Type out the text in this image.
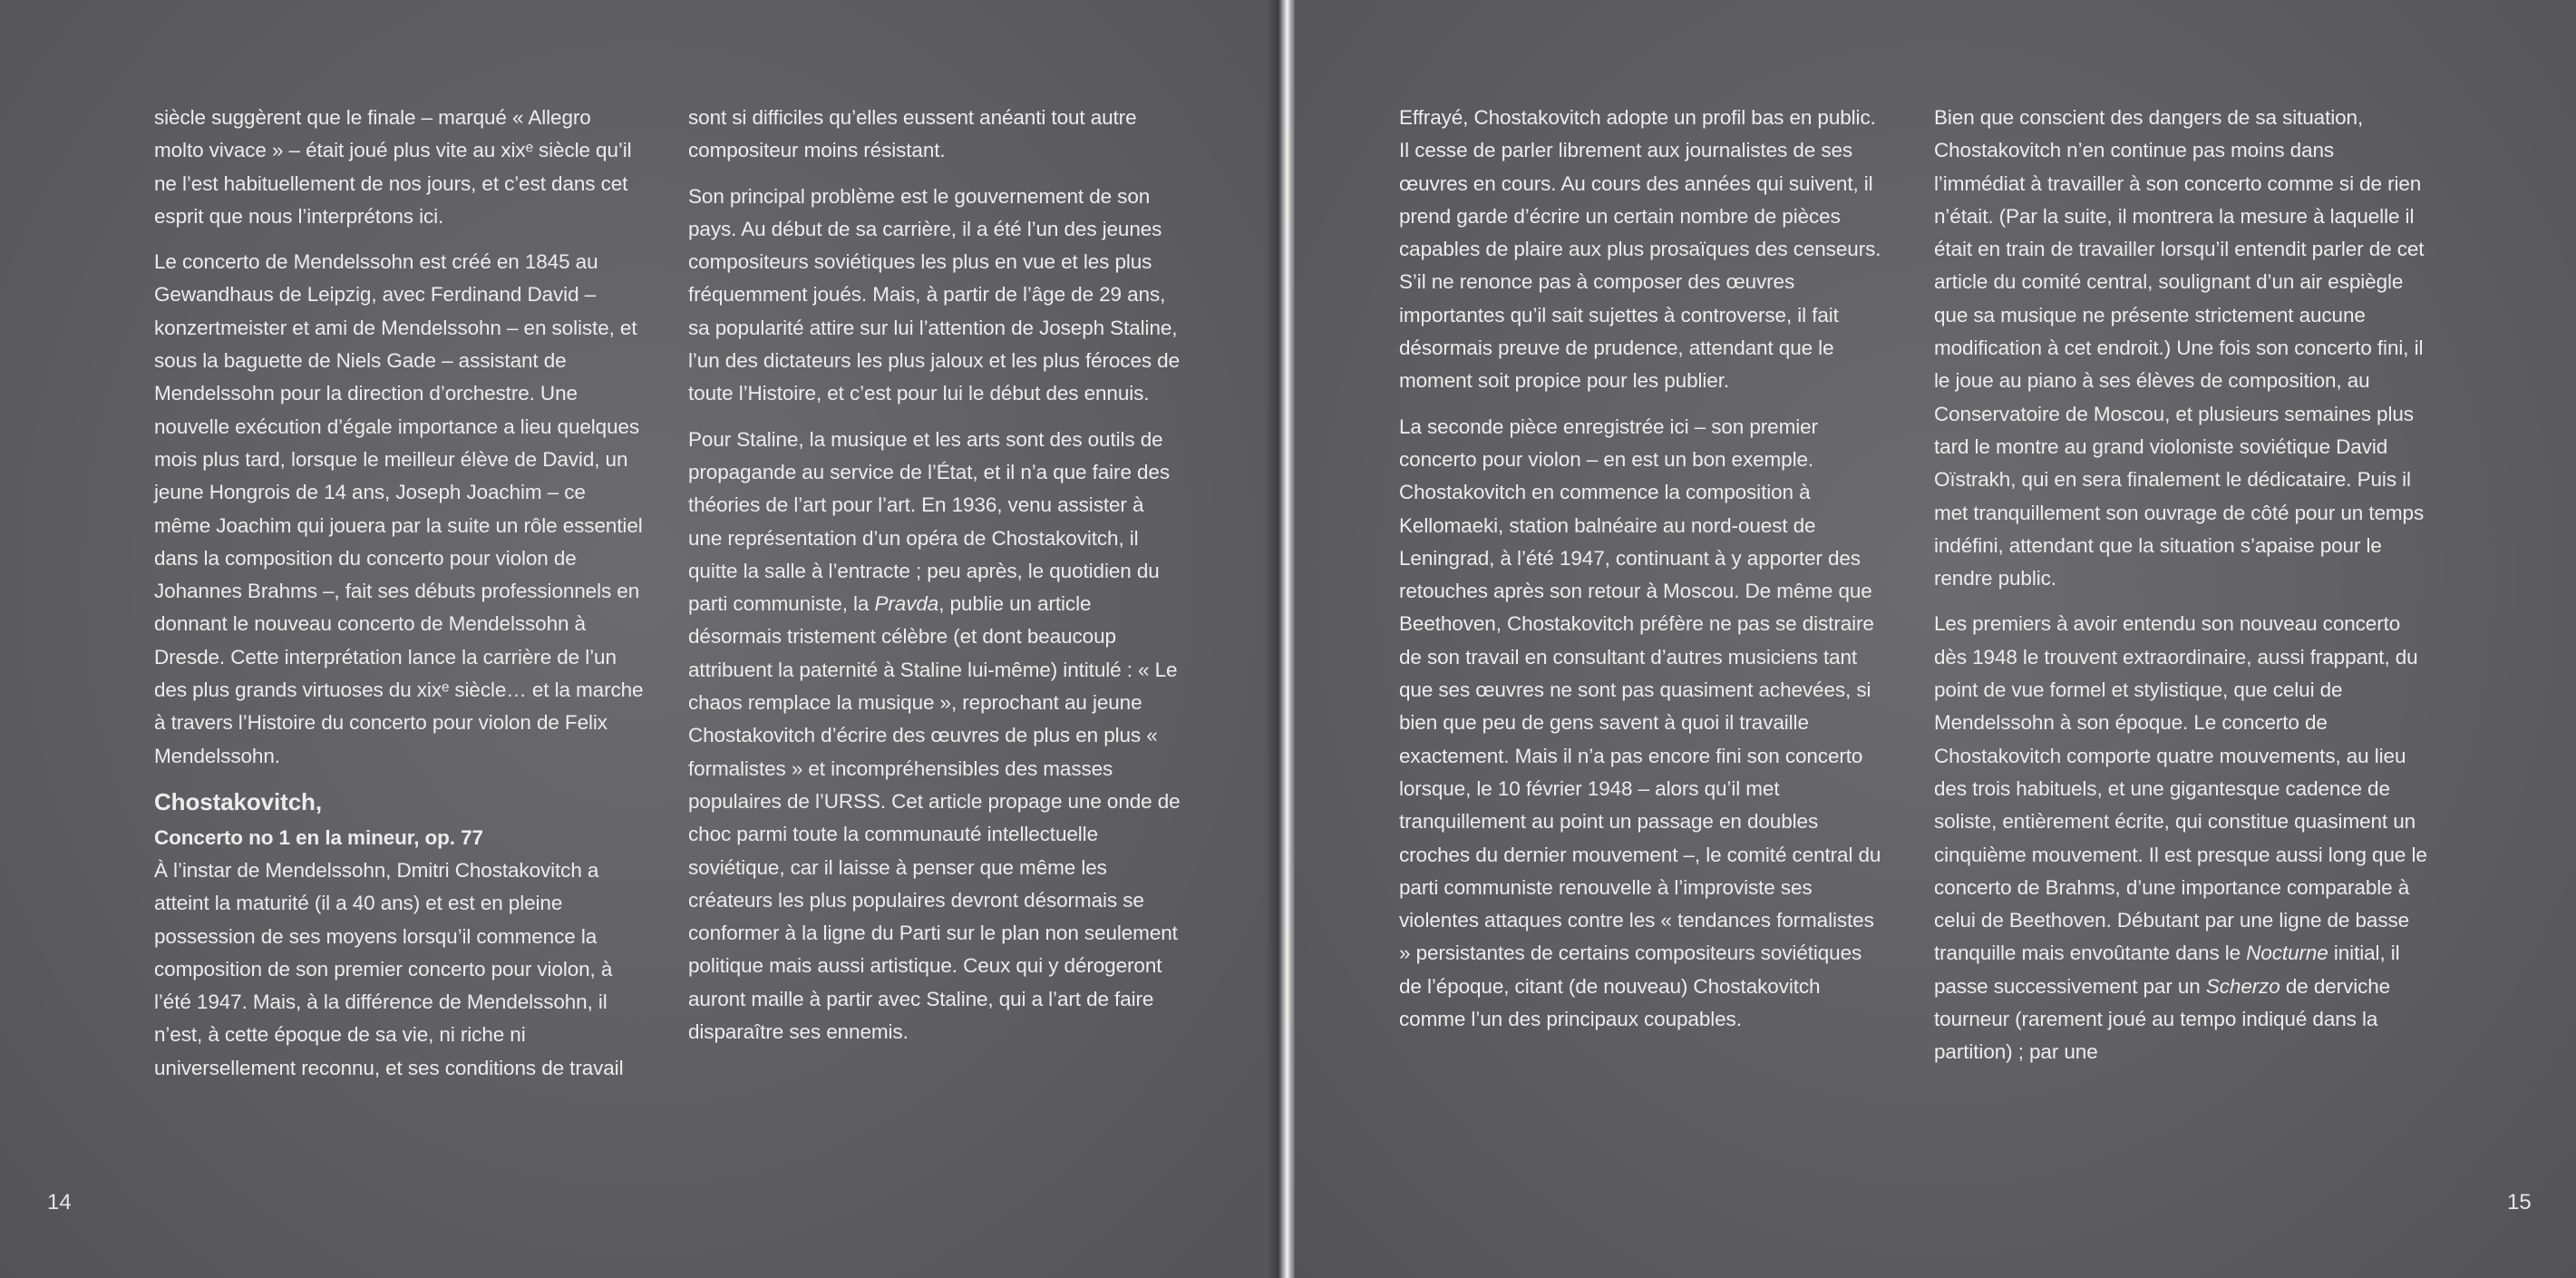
siècle suggèrent que le finale – marqué « Allegro molto vivace » – était joué plus vite au xixᵉ siècle qu’il ne l’est habituellement de nos jours, et c’est dans cet esprit que nous l’interprétons ici.

Le concerto de Mendelssohn est créé en 1845 au Gewandhaus de Leipzig, avec Ferdinand David – konzertmeister et ami de Mendelssohn – en soliste, et sous la baguette de Niels Gade – assistant de Mendelssohn pour la direction d’orchestre. Une nouvelle exécution d’égale importance a lieu quelques mois plus tard, lorsque le meilleur élève de David, un jeune Hongrois de 14 ans, Joseph Joachim – ce même Joachim qui jouera par la suite un rôle essentiel dans la composition du concerto pour violon de Johannes Brahms –, fait ses débuts professionnels en donnant le nouveau concerto de Mendelssohn à Dresde. Cette interprétation lance la carrière de l’un des plus grands virtuoses du xixᵉ siècle… et la marche à travers l’Histoire du concerto pour violon de Felix Mendelssohn.

Chostakovitch,
Concerto no 1 en la mineur, op. 77

À l’instar de Mendelssohn, Dmitri Chostakovitch a atteint la maturité (il a 40 ans) et est en pleine possession de ses moyens lorsqu’il commence la composition de son premier concerto pour violon, à l’été 1947. Mais, à la différence de Mendelssohn, il n’est, à cette époque de sa vie, ni riche ni universellement reconnu, et ses conditions de travail

sont si difficiles qu’elles eussent anéanti tout autre compositeur moins résistant.

Son principal problème est le gouvernement de son pays. Au début de sa carrière, il a été l’un des jeunes compositeurs soviétiques les plus en vue et les plus fréquemment joués. Mais, à partir de l’âge de 29 ans, sa popularité attire sur lui l’attention de Joseph Staline, l’un des dictateurs les plus jaloux et les plus féroces de toute l’Histoire, et c’est pour lui le début des ennuis.

Pour Staline, la musique et les arts sont des outils de propagande au service de l’État, et il n’a que faire des théories de l’art pour l’art. En 1936, venu assister à une représentation d’un opéra de Chostakovitch, il quitte la salle à l’entracte ; peu après, le quotidien du parti communiste, la Pravda, publie un article désormais tristement célèbre (et dont beaucoup attribuent la paternité à Staline lui-même) intitulé : « Le chaos remplace la musique », reprochant au jeune Chostakovitch d’écrire des œuvres de plus en plus « formalistes » et incompréhensibles des masses populaires de l’URSS. Cet article propage une onde de choc parmi toute la communauté intellectuelle soviétique, car il laisse à penser que même les créateurs les plus populaires devront désormais se conformer à la ligne du Parti sur le plan non seulement politique mais aussi artistique. Ceux qui y dérogeront auront maille à partir avec Staline, qui a l’art de faire disparaître ses ennemis.

14

Effrayé, Chostakovitch adopte un profil bas en public. Il cesse de parler librement aux journalistes de ses œuvres en cours. Au cours des années qui suivent, il prend garde d’écrire un certain nombre de pièces capables de plaire aux plus prosaïques des censeurs. S’il ne renonce pas à composer des œuvres importantes qu’il sait sujettes à controverse, il fait désormais preuve de prudence, attendant que le moment soit propice pour les publier.

La seconde pièce enregistrée ici – son premier concerto pour violon – en est un bon exemple. Chostakovitch en commence la composition à Kellomaeki, station balnéaire au nord-ouest de Leningrad, à l’été 1947, continuant à y apporter des retouches après son retour à Moscou. De même que Beethoven, Chostakovitch préfère ne pas se distraire de son travail en consultant d’autres musiciens tant que ses œuvres ne sont pas quasiment achevées, si bien que peu de gens savent à quoi il travaille exactement. Mais il n’a pas encore fini son concerto lorsque, le 10 février 1948 – alors qu’il met tranquillement au point un passage en doubles croches du dernier mouvement –, le comité central du parti communiste renouvelle à l’improviste ses violentes attaques contre les « tendances formalistes » persistantes de certains compositeurs soviétiques de l’époque, citant (de nouveau) Chostakovitch comme l’un des principaux coupables.

Bien que conscient des dangers de sa situation, Chostakovitch n’en continue pas moins dans l’immédiat à travailler à son concerto comme si de rien n’était. (Par la suite, il montrera la mesure à laquelle il était en train de travailler lorsqu’il entendit parler de cet article du comité central, soulignant d’un air espiègle que sa musique ne présente strictement aucune modification à cet endroit.) Une fois son concerto fini, il le joue au piano à ses élèves de composition, au Conservatoire de Moscou, et plusieurs semaines plus tard le montre au grand violoniste soviétique David Oïstrakh, qui en sera finalement le dédicataire. Puis il met tranquillement son ouvrage de côté pour un temps indéfini, attendant que la situation s’apaise pour le rendre public.

Les premiers à avoir entendu son nouveau concerto dès 1948 le trouvent extraordinaire, aussi frappant, du point de vue formel et stylistique, que celui de Mendelssohn à son époque. Le concerto de Chostakovitch comporte quatre mouvements, au lieu des trois habituels, et une gigantesque cadence de soliste, entièrement écrite, qui constitue quasiment un cinquième mouvement. Il est presque aussi long que le concerto de Brahms, d’une importance comparable à celui de Beethoven. Débutant par une ligne de basse tranquille mais envoûtante dans le Nocturne initial, il passe successivement par un Scherzo de derviche tourneur (rarement joué au tempo indiqué dans la partition) ; par une

15
